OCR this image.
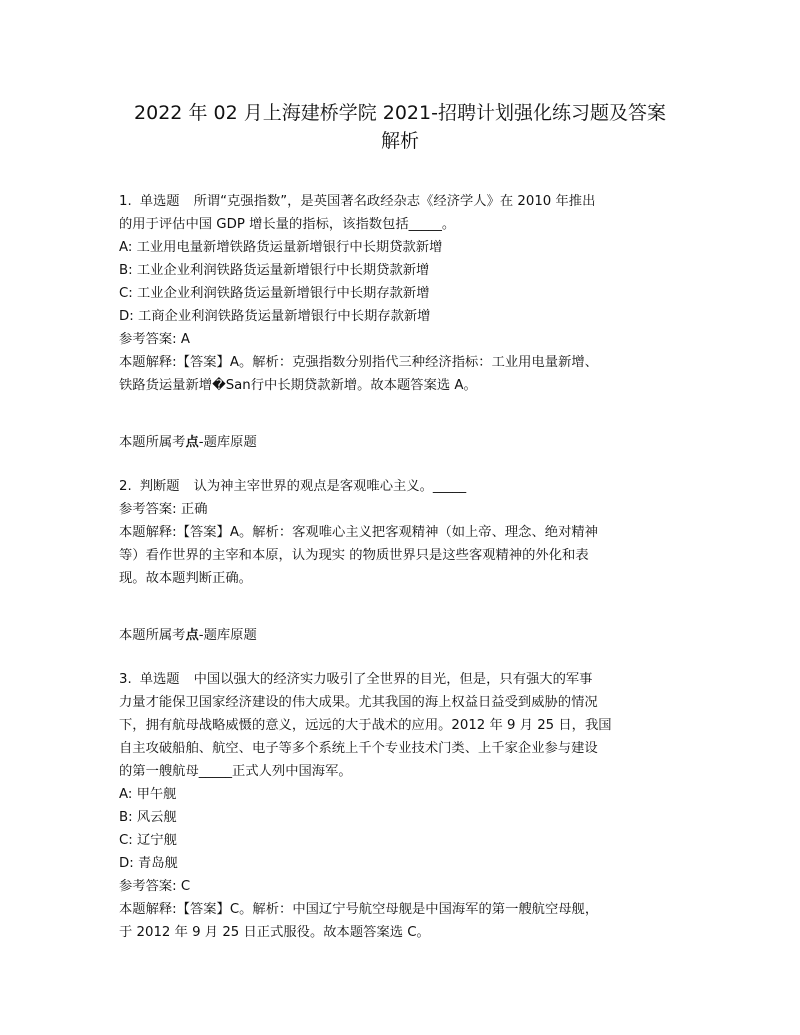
2022 年 02 月上海建桥学院 2021-招聘计划强化练习题及答案
解析
1. 单选题 所谓“克强指数”，是英国著名政经杂志《经济学人》在 2010 年推出
的用于评估中国 GDP 增长量的指标，该指数包括_____。
A: 工业用电量新增铁路货运量新增银行中长期贷款新增
B: 工业企业利润铁路货运量新增银行中长期贷款新增
C: 工业企业利润铁路货运量新增银行中长期存款新增
D: 工商企业利润铁路货运量新增银行中长期存款新增
参考答案: A
本题解释:【答案】A。解析：克强指数分别指代三种经济指标：工业用电量新增、
铁路货运量新增�San行中长期贷款新增。故本题答案选 A。
本题所属考点-题库原题
2. 判断题 认为神主宰世界的观点是客观唯心主义。_____
参考答案: 正确
本题解释:【答案】A。解析：客观唯心主义把客观精神（如上帝、理念、绝对精神
等）看作世界的主宰和本原，认为现实 的物质世界只是这些客观精神的外化和表
现。故本题判断正确。
本题所属考点-题库原题
3. 单选题 中国以强大的经济实力吸引了全世界的目光，但是，只有强大的军事
力量才能保卫国家经济建设的伟大成果。尤其我国的海上权益日益受到威胁的情况
下，拥有航母战略威慑的意义，远远的大于战术的应用。2012 年 9 月 25 日，我国
自主攻破船舶、航空、电子等多个系统上千个专业技术门类、上千家企业参与建设
的第一艘航母_____正式人列中国海军。
A: 甲午舰
B: 风云舰
C: 辽宁舰
D: 青岛舰
参考答案: C
本题解释:【答案】C。解析：中国辽宁号航空母舰是中国海军的第一艘航空母舰，
于 2012 年 9 月 25 日正式服役。故本题答案选 C。
